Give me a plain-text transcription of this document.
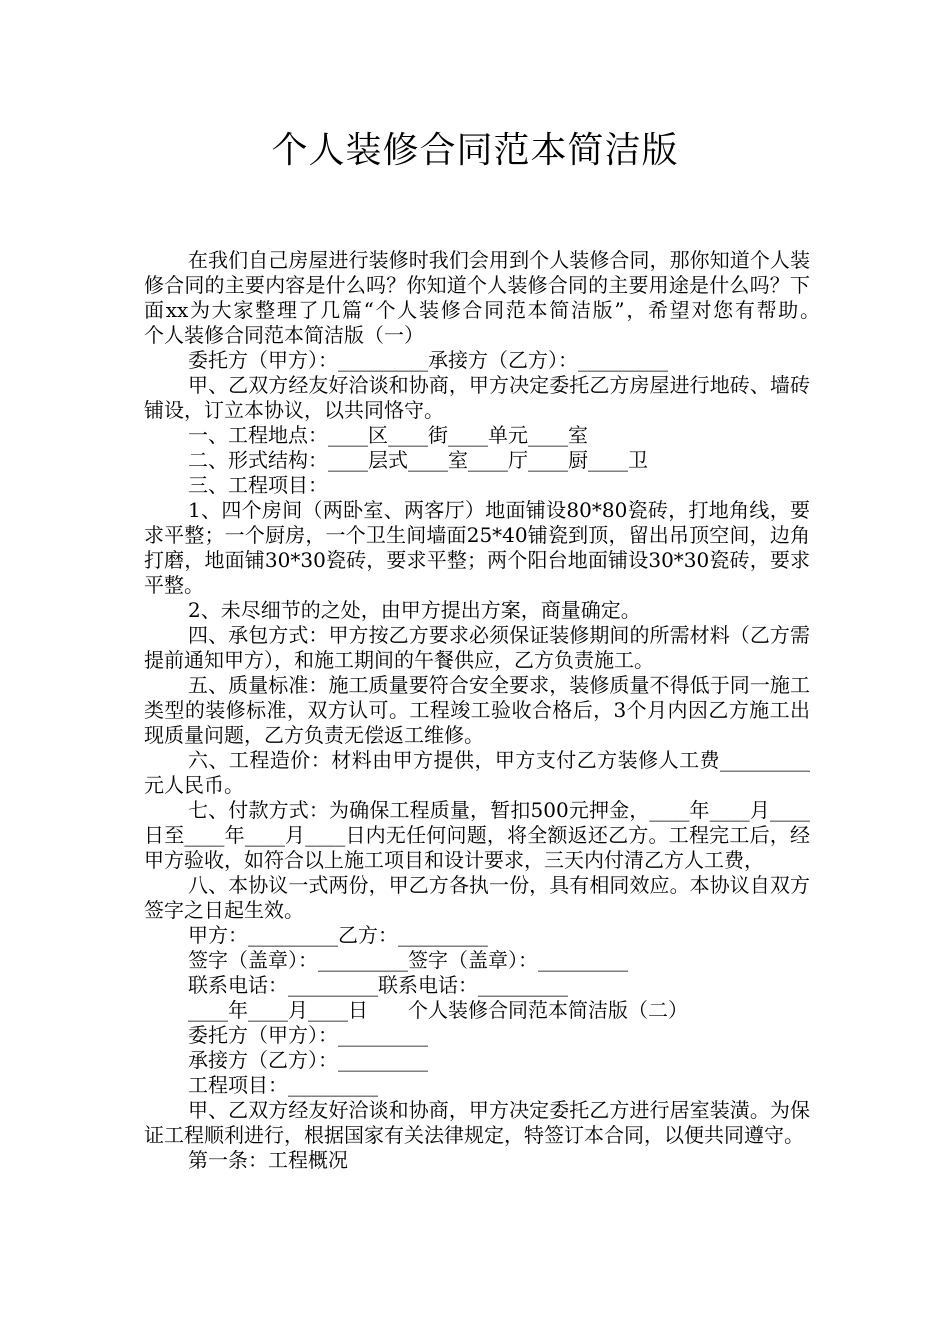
个人装修合同范本简洁版

在我们自己房屋进行装修时我们会用到个人装修合同，那你知道个人装修合同的主要内容是什么吗？你知道个人装修合同的主要用途是什么吗？下面xx为大家整理了几篇“个人装修合同范本简洁版”，希望对您有帮助。　　个人装修合同范本简洁版（一）

委托方（甲方）：_________承接方（乙方）：_________

甲、乙双方经友好洽谈和协商，甲方决定委托乙方房屋进行地砖、墙砖铺设，订立本协议，以共同恪守。

一、工程地点：____区____街____单元____室

二、形式结构：____层式____室____厅____厨____卫

三、工程项目：

1、四个房间（两卧室、两客厅）地面铺设80*80瓷砖，打地角线，要求平整；一个厨房，一个卫生间墙面25*40铺瓷到顶，留出吊顶空间，边角打磨，地面铺30*30瓷砖，要求平整；两个阳台地面铺设30*30瓷砖，要求平整。

2、未尽细节的之处，由甲方提出方案，商量确定。

四、承包方式：甲方按乙方要求必须保证装修期间的所需材料（乙方需提前通知甲方），和施工期间的午餐供应，乙方负责施工。

五、质量标准：施工质量要符合安全要求，装修质量不得低于同一施工类型的装修标准，双方认可。工程竣工验收合格后，3个月内因乙方施工出现质量问题，乙方负责无偿返工维修。

六、工程造价：材料由甲方提供，甲方支付乙方装修人工费_________元人民币。

七、付款方式：为确保工程质量，暂扣500元押金，____年____月____日至____年____月____日内无任何问题，将全额返还乙方。工程完工后，经甲方验收，如符合以上施工项目和设计要求，三天内付清乙方人工费，

八、本协议一式两份，甲乙方各执一份，具有相同效应。本协议自双方签字之日起生效。

甲方：_________乙方：_________

签字（盖章）：_________签字（盖章）：_________

联系电话：_________联系电话：_________

____年____月____日　　个人装修合同范本简洁版（二）

委托方（甲方）：_________

承接方（乙方）：_________

工程项目：_________

甲、乙双方经友好洽谈和协商，甲方决定委托乙方进行居室装潢。为保证工程顺利进行，根据国家有关法律规定，特签订本合同，以便共同遵守。

第一条：工程概况
